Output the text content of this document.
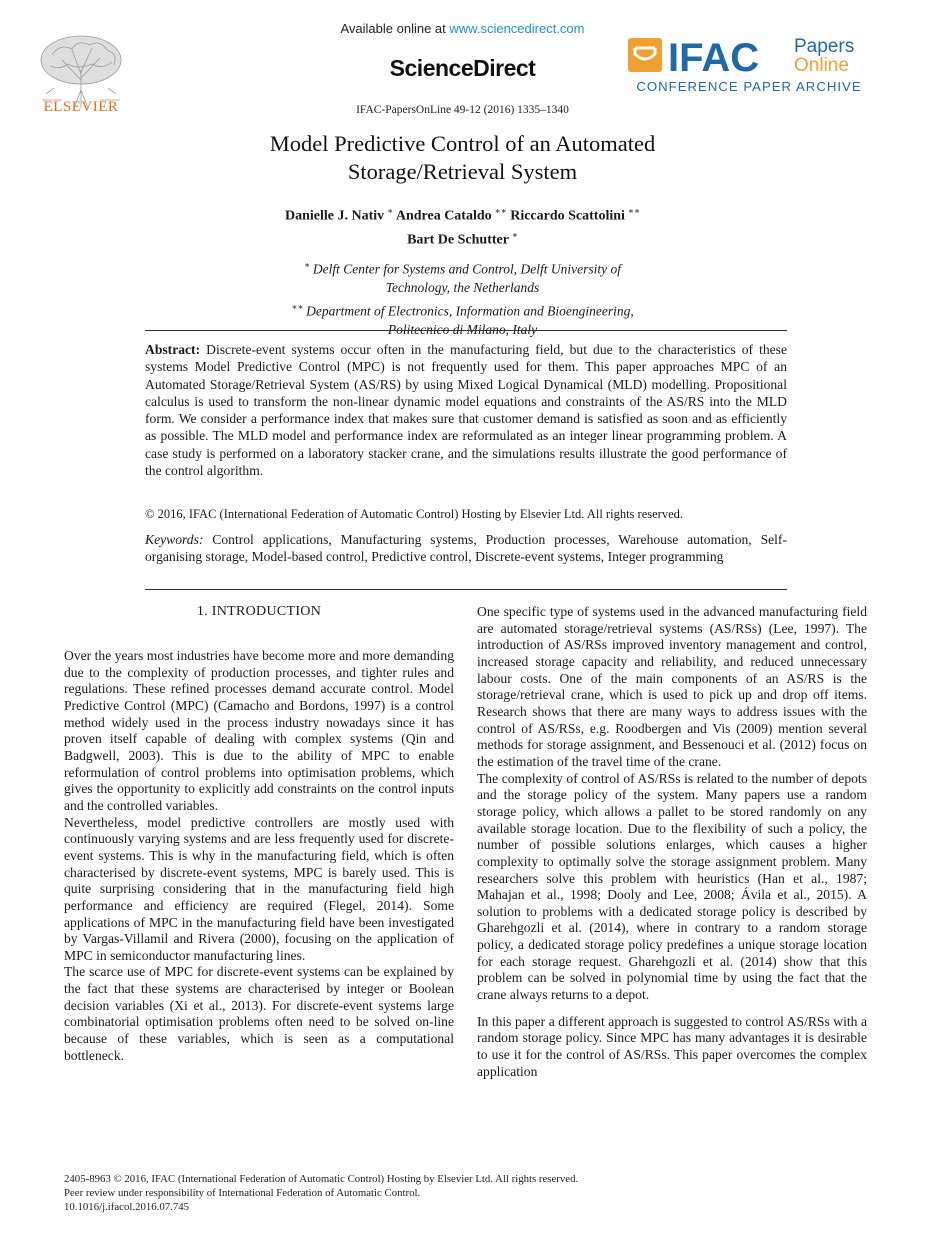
ELSEVIER
Available online at www.sciencedirect.com
ScienceDirect
IFAC-PapersOnLine 49-12 (2016) 1335–1340
IFAC Papers
Online
CONFERENCE PAPER ARCHIVE
Model Predictive Control of an Automated
Storage/Retrieval System
Danielle J. Nativ  ∗ Andrea Cataldo  ∗∗ Riccardo Scattolini  ∗∗
Bart De Schutter  ∗
∗  Delft Center for Systems and Control, Delft University of
Technology, the Netherlands
∗∗  Department of Electronics, Information and Bioengineering,
Politecnico di Milano, Italy
Abstract: Discrete-event systems occur often in the manufacturing field, but due to the characteristics of these systems Model Predictive Control (MPC) is not frequently used for them. This paper approaches MPC of an Automated Storage/Retrieval System (AS/RS) by using Mixed Logical Dynamical (MLD) modelling. Propositional calculus is used to transform the non-linear dynamic model equations and constraints of the AS/RS into the MLD form. We consider a performance index that makes sure that customer demand is satisfied as soon and as efficiently as possible. The MLD model and performance index are reformulated as an integer linear programming problem. A case study is performed on a laboratory stacker crane, and the simulations results illustrate the good performance of the control algorithm.
© 2016, IFAC (International Federation of Automatic Control) Hosting by Elsevier Ltd. All rights reserved.
Keywords: Control applications, Manufacturing systems, Production processes, Warehouse automation, Self-organising storage, Model-based control, Predictive control, Discrete-event systems, Integer programming
1. INTRODUCTION

Over the years most industries have become more and more demanding due to the complexity of production processes, and tighter rules and regulations. These refined processes demand accurate control. Model Predictive Control (MPC) (Camacho and Bordons, 1997) is a control method widely used in the process industry nowadays since it has proven itself capable of dealing with complex systems (Qin and Badgwell, 2003). This is due to the ability of MPC to enable reformulation of control problems into optimisation problems, which gives the opportunity to explicitly add constraints on the control inputs and the controlled variables.

Nevertheless, model predictive controllers are mostly used with continuously varying systems and are less frequently used for discrete-event systems. This is why in the manufacturing field, which is often characterised by discrete-event systems, MPC is barely used. This is quite surprising considering that in the manufacturing field high performance and efficiency are required (Flegel, 2014). Some applications of MPC in the manufacturing field have been investigated by Vargas-Villamil and Rivera (2000), focusing on the application of MPC in semiconductor manufacturing lines.

The scarce use of MPC for discrete-event systems can be explained by the fact that these systems are characterised by integer or Boolean decision variables (Xi et al., 2013). For discrete-event systems large combinatorial optimisation problems often need to be solved on-line because of these variables, which is seen as a computational bottleneck.

One specific type of systems used in the advanced manufacturing field are automated storage/retrieval systems (AS/RSs) (Lee, 1997). The introduction of AS/RSs improved inventory management and control, increased storage capacity and reliability, and reduced unnecessary labour costs. One of the main components of an AS/RS is the storage/retrieval crane, which is used to pick up and drop off items. Research shows that there are many ways to address issues with the control of AS/RSs, e.g. Roodbergen and Vis (2009) mention several methods for storage assignment, and Bessenouci et al. (2012) focus on the estimation of the travel time of the crane.

The complexity of control of AS/RSs is related to the number of depots and the storage policy of the system. Many papers use a random storage policy, which allows a pallet to be stored randomly on any available storage location. Due to the flexibility of such a policy, the number of possible solutions enlarges, which causes a higher complexity to optimally solve the storage assignment problem. Many researchers solve this problem with heuristics (Han et al., 1987; Mahajan et al., 1998; Dooly and Lee, 2008; Ávila et al., 2015). A solution to problems with a dedicated storage policy is described by Gharehgozli et al. (2014), where in contrary to a random storage policy, a dedicated storage policy predefines a unique storage location for each storage request. Gharehgozli et al. (2014) show that this problem can be solved in polynomial time by using the fact that the crane always returns to a depot.

In this paper a different approach is suggested to control AS/RSs with a random storage policy. Since MPC has many advantages it is desirable to use it for the control of AS/RSs. This paper overcomes the complex application

2405-8963 © 2016, IFAC (International Federation of Automatic Control) Hosting by Elsevier Ltd. All rights reserved.
Peer review under responsibility of International Federation of Automatic Control.
10.1016/j.ifacol.2016.07.745
